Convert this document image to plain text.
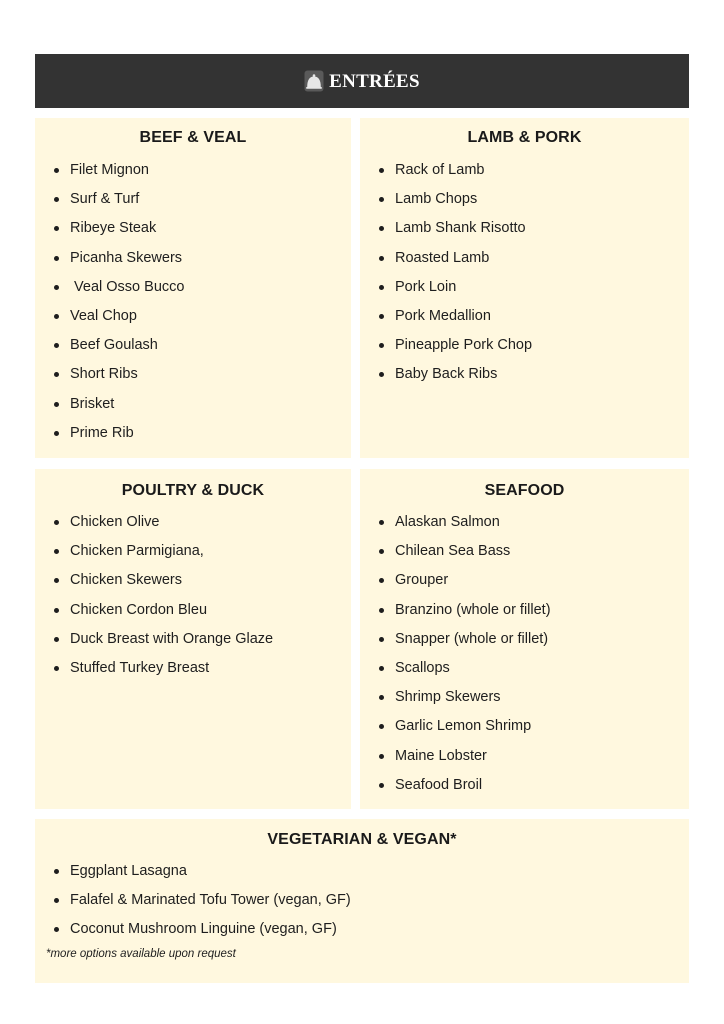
ENTRÉES
BEEF & VEAL
Filet Mignon
Surf & Turf
Ribeye Steak
Picanha Skewers
Veal Osso Bucco
Veal Chop
Beef Goulash
Short Ribs
Brisket
Prime Rib
LAMB & PORK
Rack of Lamb
Lamb Chops
Lamb Shank Risotto
Roasted Lamb
Pork Loin
Pork Medallion
Pineapple Pork Chop
Baby Back Ribs
POULTRY & DUCK
Chicken Olive
Chicken Parmigiana,
Chicken Skewers
Chicken Cordon Bleu
Duck Breast with Orange Glaze
Stuffed Turkey Breast
SEAFOOD
Alaskan Salmon
Chilean Sea Bass
Grouper
Branzino (whole or fillet)
Snapper (whole or fillet)
Scallops
Shrimp Skewers
Garlic Lemon Shrimp
Maine Lobster
Seafood Broil
VEGETARIAN & VEGAN*
Eggplant Lasagna
Falafel & Marinated Tofu Tower (vegan, GF)
Coconut Mushroom Linguine (vegan, GF)
*more options available upon request
